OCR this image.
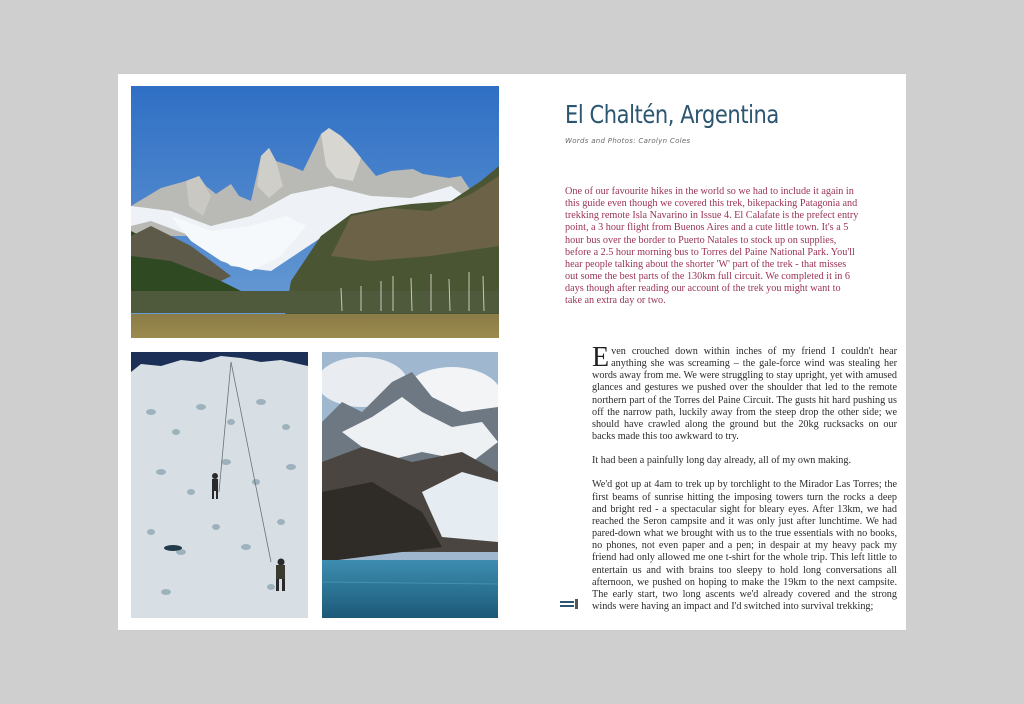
El Chaltén, Argentina
Words and Photos: Carolyn Coles

One of our favourite hikes in the world so we had to include it again in this guide even though we covered this trek, bikepacking Patagonia and trekking remote Isla Navarino in Issue 4. El Calafate is the prefect entry point, a 3 hour flight from Buenos Aires and a cute little town. It's a 5 hour bus over the border to Puerto Natales to stock up on supplies, before a 2.5 hour morning bus to Torres del Paine National Park. You'll hear people talking about the shorter 'W' part of the trek - that misses out some the best parts of the 130km full circuit. We completed it in 6 days though after reading our account of the trek you might want to take an extra day or two.

Even crouched down within inches of my friend I couldn't hear anything she was screaming – the gale-force wind was stealing her words away from me. We were struggling to stay upright, yet with amused glances and gestures we pushed over the shoulder that led to the remote northern part of the Torres del Paine Circuit. The gusts hit hard pushing us off the narrow path, luckily away from the steep drop the other side; we should have crawled along the ground but the 20kg rucksacks on our backs made this too awkward to try.

It had been a painfully long day already, all of my own making.

We'd got up at 4am to trek up by torchlight to the Mirador Las Torres; the first beams of sunrise hitting the imposing towers turn the rocks a deep and bright red - a spectacular sight for bleary eyes. After 13km, we had reached the Seron campsite and it was only just after lunchtime. We had pared-down what we brought with us to the true essentials with no books, no phones, not even paper and a pen; in despair at my heavy pack my friend had only allowed me one t-shirt for the whole trip. This left little to entertain us and with brains too sleepy to hold long conversations all afternoon, we pushed on hoping to make the 19km to the next campsite. The early start, two long ascents we'd already covered and the strong winds were having an impact and I'd switched into survival trekking;
